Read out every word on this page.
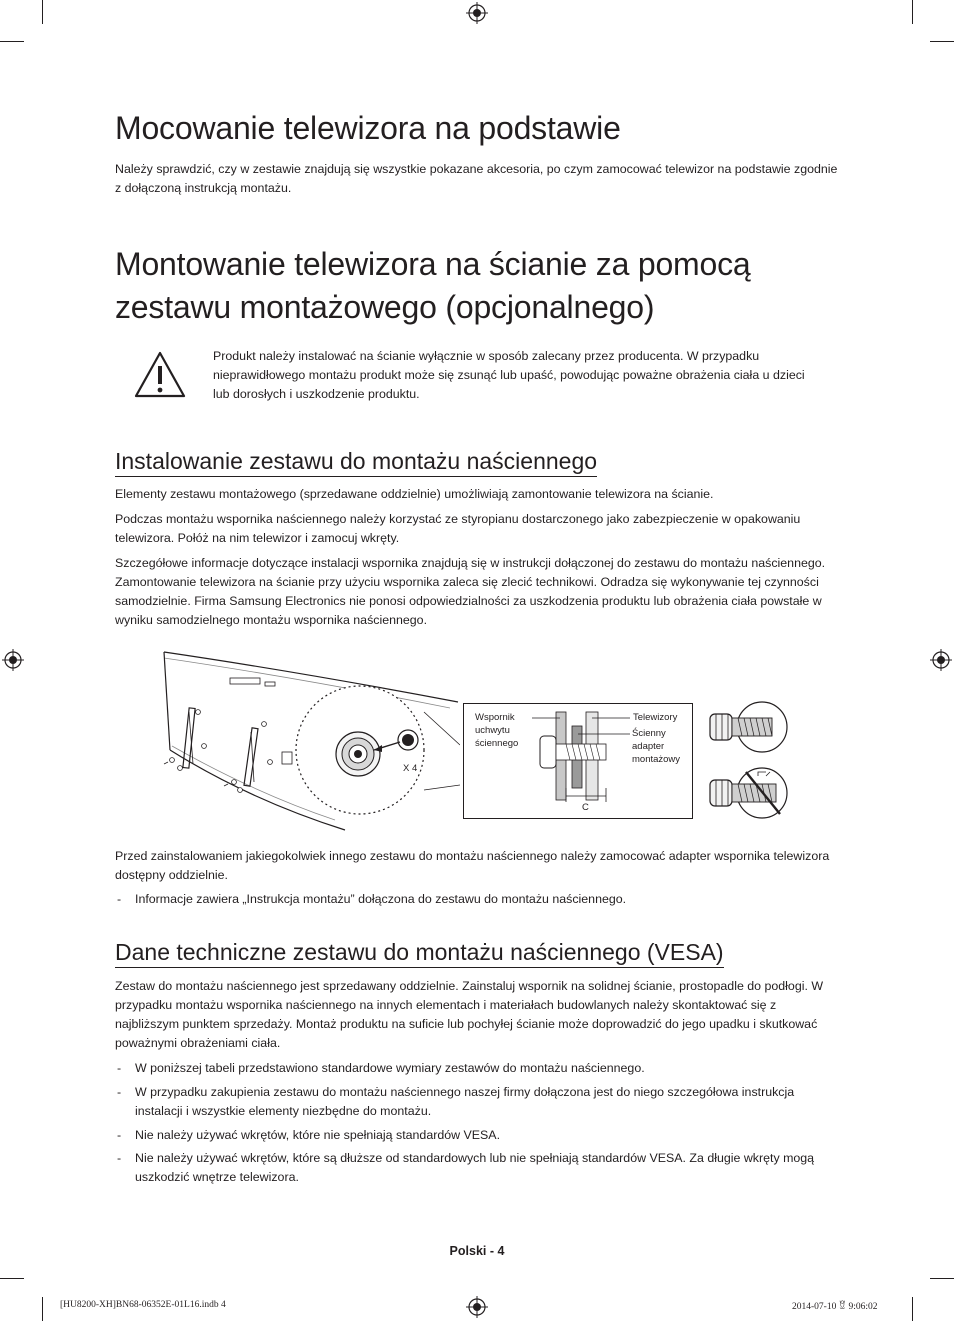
Mocowanie telewizora na podstawie

Należy sprawdzić, czy w zestawie znajdują się wszystkie pokazane akcesoria, po czym zamocować telewizor na podstawie zgodnie z dołączoną instrukcją montażu.

Montowanie telewizora na ścianie za pomocą
zestawu montażowego (opcjonalnego)

Produkt należy instalować na ścianie wyłącznie w sposób zalecany przez producenta. W przypadku nieprawidłowego montażu produkt może się zsunąć lub upaść, powodując poważne obrażenia ciała u dzieci lub dorosłych i uszkodzenie produktu.

Instalowanie zestawu do montażu naściennego

Elementy zestawu montażowego (sprzedawane oddzielnie) umożliwiają zamontowanie telewizora na ścianie.

Podczas montażu wspornika naściennego należy korzystać ze styropianu dostarczonego jako zabezpieczenie w opakowaniu telewizora. Połóż na nim telewizor i zamocuj wkręty.

Szczegółowe informacje dotyczące instalacji wspornika znajdują się w instrukcji dołączonej do zestawu do montażu naściennego. Zamontowanie telewizora na ścianie przy użyciu wspornika zaleca się zlecić technikowi. Odradza się wykonywanie tej czynności samodzielnie. Firma Samsung Electronics nie ponosi odpowiedzialności za uszkodzenia produktu lub obrażenia ciała powstałe w wyniku samodzielnego montażu wspornika naściennego.

X 4
Wspornik
uchwytu
ściennego
Telewizory
Ścienny
adapter
montażowy
C

Przed zainstalowaniem jakiegokolwiek innego zestawu do montażu naściennego należy zamocować adapter wspornika telewizora dostępny oddzielnie.

-	Informacje zawiera „Instrukcja montażu” dołączona do zestawu do montażu naściennego.
Dane techniczne zestawu do montażu naściennego (VESA)

Zestaw do montażu naściennego jest sprzedawany oddzielnie. Zainstaluj wspornik na solidnej ścianie, prostopadle do podłogi. W przypadku montażu wspornika naściennego na innych elementach i materiałach budowlanych należy skontaktować się z najbliższym punktem sprzedaży. Montaż produktu na suficie lub pochyłej ścianie może doprowadzić do jego upadku i skutkować poważnymi obrażeniami ciała.

-	W poniższej tabeli przedstawiono standardowe wymiary zestawów do montażu naściennego.
-	W przypadku zakupienia zestawu do montażu naściennego naszej firmy dołączona jest do niego szczegółowa instrukcja instalacji i wszystkie elementy niezbędne do montażu.
-	Nie należy używać wkrętów, które nie spełniają standardów VESA.
-	Nie należy używać wkrętów, które są dłuższe od standardowych lub nie spełniają standardów VESA. Za długie wkręty mogą uszkodzić wnętrze telewizora.
Polski - 4
[HU8200-XH]BN68-06352E-01L16.indb 4	2014-07-10 ꆚ 9:06:02
